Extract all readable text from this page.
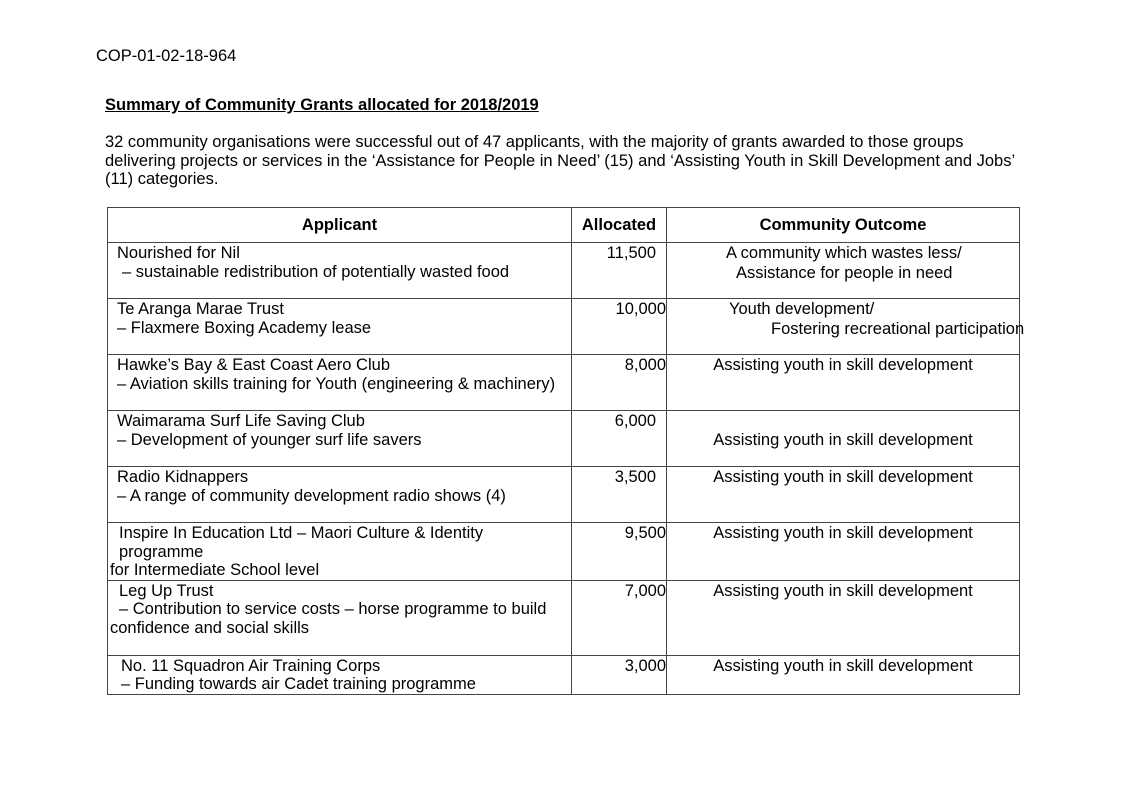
COP-01-02-18-964
Summary of Community Grants allocated for 2018/2019
32 community organisations were successful out of 47 applicants, with the majority of grants awarded to those groups delivering projects or services in the ‘Assistance for People in Need’ (15) and ‘Assisting Youth in Skill Development and Jobs’ (11) categories.
Applicant	Allocated	Community Outcome

Nourished for Nil
– sustainable redistribution of potentially wasted food	11,500	A community which wastes less/
Assistance for people in need

Te Aranga Marae Trust
– Flaxmere Boxing Academy lease	10,000	Youth development/
Fostering recreational participation

Hawke’s Bay & East Coast Aero Club
– Aviation skills training for Youth (engineering & machinery)	8,000	Assisting youth in skill development

Waimarama Surf Life Saving Club
– Development of younger surf life savers	6,000	Assisting youth in skill development

Radio Kidnappers
– A range of community development radio shows (4)	3,500	Assisting youth in skill development

Inspire In Education Ltd – Maori Culture & Identity programme
for Intermediate School level	9,500	Assisting youth in skill development

Leg Up Trust
– Contribution to service costs – horse programme to build
confidence and social skills	7,000	Assisting youth in skill development

No. 11 Squadron Air Training Corps
– Funding towards air Cadet training programme	3,000	Assisting youth in skill development
